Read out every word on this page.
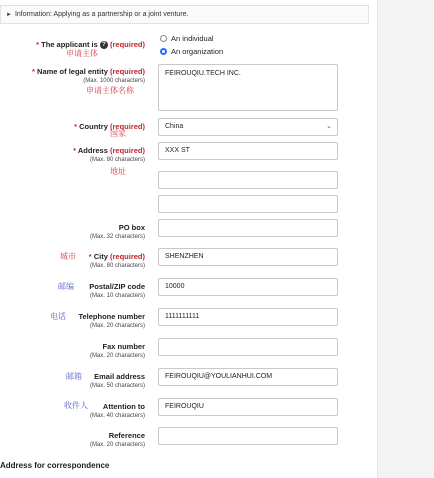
► Information: Applying as a partnership or a joint venture.
* The applicant is ? (required)
申请主体
An individual
An organization
* Name of legal entity (required)
(Max. 1000 characters)
申请主体名称
FEIROUQIU.TECH INC.
* Country (required)
国家
China	⌄
* Address (required)
(Max. 80 characters)
地址
XXX ST
PO box
(Max. 32 characters)
城市 * City (required)
(Max. 80 characters)
SHENZHEN
邮编 Postal/ZIP code
(Max. 10 characters)
10000
电话 Telephone number
(Max. 20 characters)
1111111111
Fax number
(Max. 20 characters)
邮箱 Email address
(Max. 50 characters)
FEIROUQIU@YOULIANHUI.COM
收件人 Attention to
(Max. 40 characters)
FEIROUQIU
Reference
(Max. 20 characters)
Address for correspondence
